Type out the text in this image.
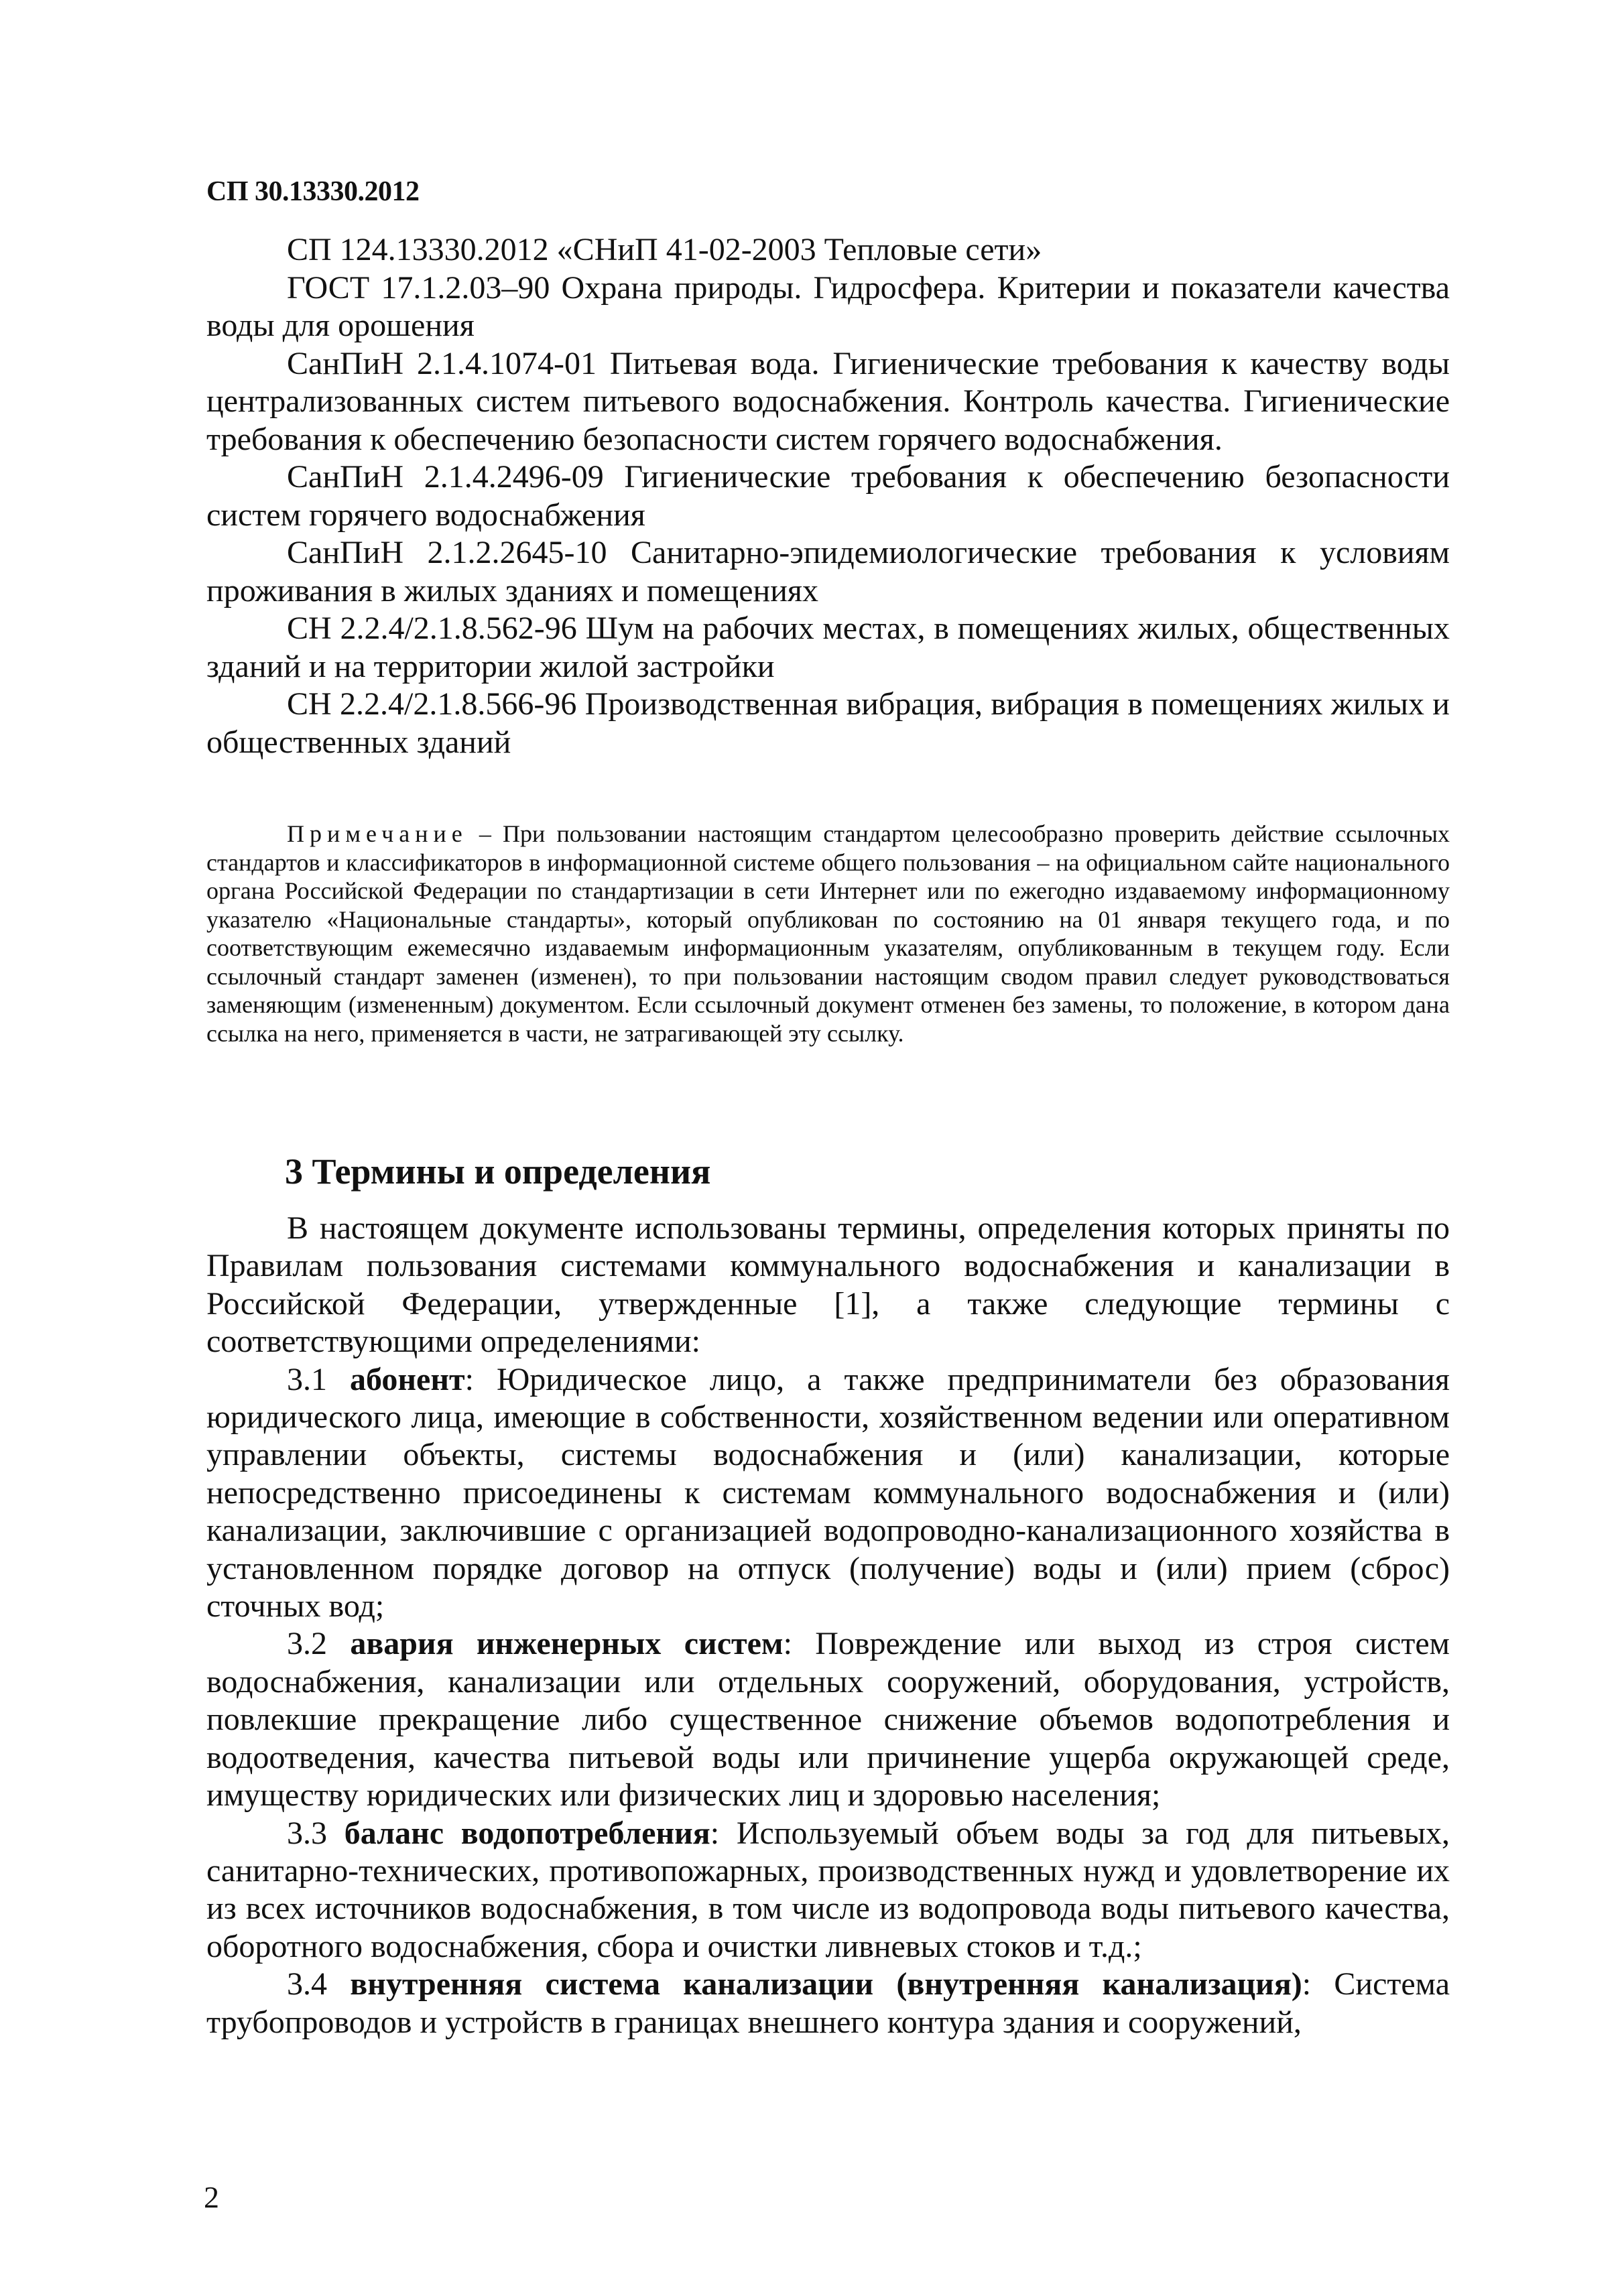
СП 30.13330.2012

СП 124.13330.2012 «СНиП 41-02-2003 Тепловые сети»

ГОСТ 17.1.2.03–90 Охрана природы. Гидросфера. Критерии и показатели качества воды для орошения

СанПиН 2.1.4.1074-01 Питьевая вода. Гигиенические требования к качеству воды централизованных систем питьевого водоснабжения. Контроль качества. Гигиенические требования к обеспечению безопасности систем горячего водоснабжения.

СанПиН 2.1.4.2496-09 Гигиенические требования к обеспечению безопасности систем горячего водоснабжения

СанПиН 2.1.2.2645-10 Санитарно-эпидемиологические требования к условиям проживания в жилых зданиях и помещениях

СН 2.2.4/2.1.8.562-96 Шум на рабочих местах, в помещениях жилых, общественных зданий и на территории жилой застройки

СН 2.2.4/2.1.8.566-96 Производственная вибрация, вибрация в помещениях жилых и общественных зданий

Примечание – При пользовании настоящим стандартом целесообразно проверить действие ссылочных стандартов и классификаторов в информационной системе общего пользования – на официальном сайте национального органа Российской Федерации по стандартизации в сети Интернет или по ежегодно издаваемому информационному указателю «Национальные стандарты», который опубликован по состоянию на 01 января текущего года, и по соответствующим ежемесячно издаваемым информационным указателям, опубликованным в текущем году. Если ссылочный стандарт заменен (изменен), то при пользовании настоящим сводом правил следует руководствоваться заменяющим (измененным) документом. Если ссылочный документ отменен без замены, то положение, в котором дана ссылка на него, применяется в части, не затрагивающей эту ссылку.

3 Термины и определения

В настоящем документе использованы термины, определения которых приняты по Правилам пользования системами коммунального водоснабжения и канализации в Российской Федерации, утвержденные [1], а также следующие термины с соответствующими определениями:

3.1 абонент: Юридическое лицо, а также предприниматели без образования юридического лица, имеющие в собственности, хозяйственном ведении или оперативном управлении объекты, системы водоснабжения и (или) канализации, которые непосредственно присоединены к системам коммунального водоснабжения и (или) канализации, заключившие с организацией водопроводно-канализационного хозяйства в установленном порядке договор на отпуск (получение) воды и (или) прием (сброс) сточных вод;

3.2 авария инженерных систем: Повреждение или выход из строя систем водоснабжения, канализации или отдельных сооружений, оборудования, устройств, повлекшие прекращение либо существенное снижение объемов водопотребления и водоотведения, качества питьевой воды или причинение ущерба окружающей среде, имуществу юридических или физических лиц и здоровью населения;

3.3 баланс водопотребления: Используемый объем воды за год для питьевых, санитарно-технических, противопожарных, производственных нужд и удовлетворение их из всех источников водоснабжения, в том числе из водопровода воды питьевого качества, оборотного водоснабжения, сбора и очистки ливневых стоков и т.д.;

3.4 внутренняя система канализации (внутренняя канализация): Система трубопроводов и устройств в границах внешнего контура здания и сооружений,

2
